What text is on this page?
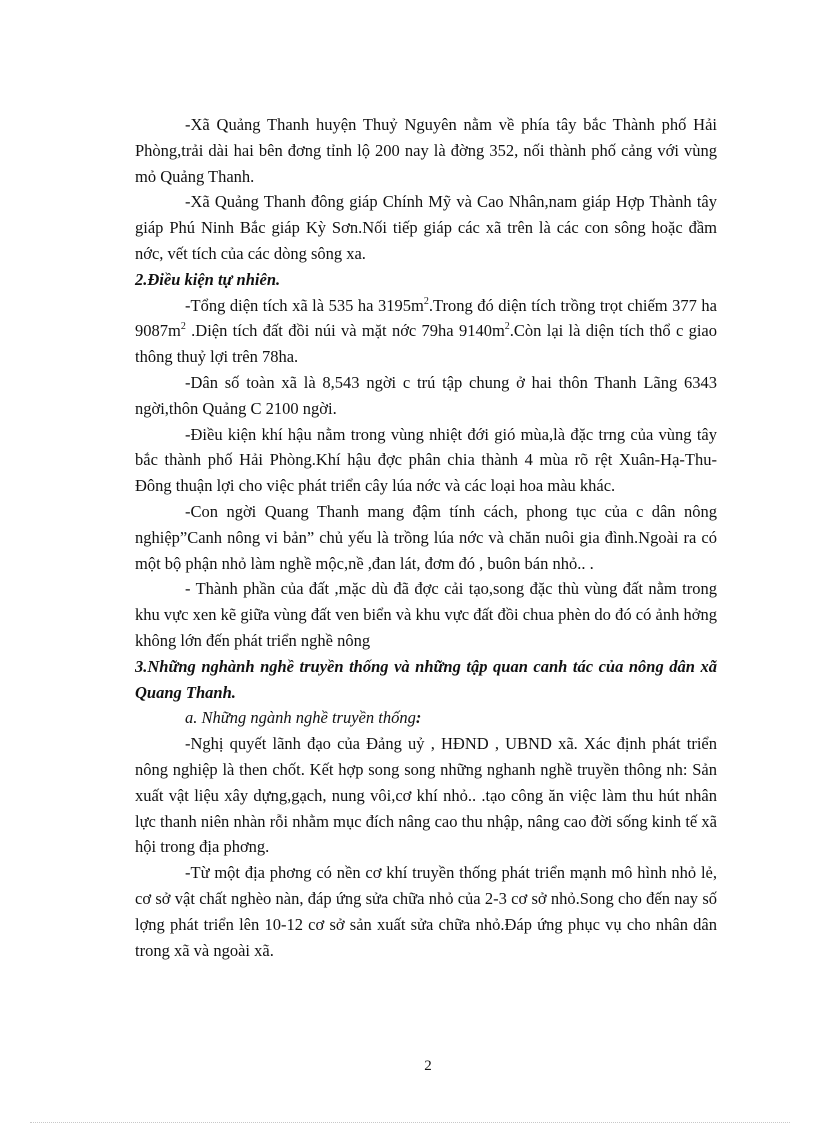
-Xã Quảng Thanh huyện Thuỷ Nguyên nằm về phía tây bắc Thành phố Hải Phòng,trải dài hai bên đơng tỉnh lộ 200 nay là đờng 352, nối thành phố cảng với vùng mỏ Quảng Thanh.

-Xã Quảng Thanh đông giáp Chính Mỹ và Cao Nhân,nam giáp Hợp Thành tây giáp Phú Ninh Bắc giáp Kỳ Sơn.Nối tiếp giáp các xã trên là các con sông hoặc đầm nớc, vết tích của các dòng sông xa.

2.Điều kiện tự nhiên.

-Tổng diện tích xã là 535 ha $3195m^2.Trong$ đó diện tích trồng trọt chiếm 377 ha $9087m^2$ .Diện tích đất đồi núi và mặt nớc 79ha $9140m^2.Còn$ lại là diện tích thổ c giao thông thuỷ lợi trên 78ha.

-Dân số toàn xã là 8,543 ngời c trú tập chung ở hai thôn Thanh Lãng 6343 ngời,thôn Quảng C 2100 ngời.

-Điều kiện khí hậu nằm trong vùng nhiệt đới gió mùa,là đặc trng của vùng tây bắc thành phố Hải Phòng.Khí hậu đợc phân chia thành 4 mùa rõ rệt Xuân-Hạ-Thu-Đông thuận lợi cho việc phát triển cây lúa nớc và các loại hoa màu khác.

-Con ngời Quang Thanh mang đậm tính cách, phong tục của c dân nông nghiệp”Canh nông vi bản” chủ yếu là trồng lúa nớc và chăn nuôi gia đình.Ngoài ra có một bộ phận nhỏ làm nghề mộc,nề ,đan lát, đơm đó , buôn bán nhỏ.. .

- Thành phần của đất ,mặc dù đã đợc cải tạo,song đặc thù vùng đất nằm trong khu vực xen kẽ giữa vùng đất ven biển và khu vực đất đồi chua phèn do đó có ảnh hởng không lớn đến phát triển nghề nông

3.Những nghành nghề truyền thống và những tập quan canh tác của nông dân xã Quang Thanh.

a. Những ngành nghề truyền thống:

-Nghị quyết lãnh đạo của Đảng uỷ , HĐND , UBND xã. Xác định phát triển nông nghiệp là then chốt. Kết hợp song song những nghanh nghề truyền thông nh: Sản xuất vật liệu xây dựng,gạch, nung vôi,cơ khí nhỏ.. .tạo công ăn việc làm thu hút nhân lực thanh niên nhàn rỗi nhằm mục đích nâng cao thu nhập, nâng cao đời sống kinh tế xã hội trong địa phơng.

-Từ một địa phơng có nền cơ khí truyền thống phát triển mạnh mô hình nhỏ lẻ, cơ sở vật chất nghèo nàn, đáp ứng sửa chữa nhỏ của 2-3 cơ sở nhỏ.Song cho đến nay số lợng phát triển lên 10-12 cơ sở sản xuất sửa chữa nhỏ.Đáp ứng phục vụ cho nhân dân trong xã và ngoài xã.

2
